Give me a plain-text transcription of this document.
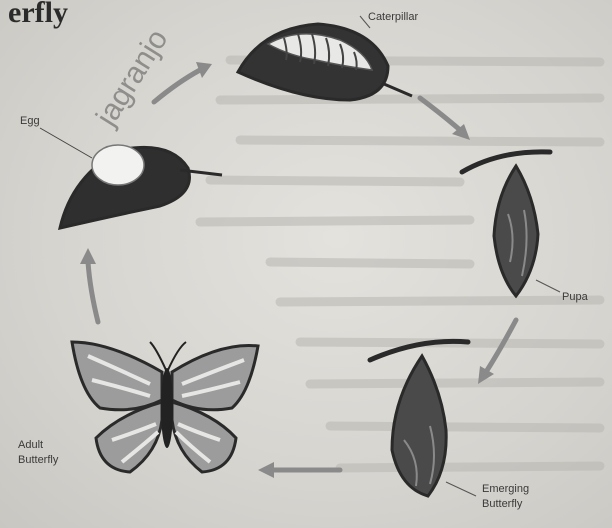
erfly
jagranjo
Egg
Caterpillar
Pupa
Emerging
Butterfly
Adult
Butterfly
